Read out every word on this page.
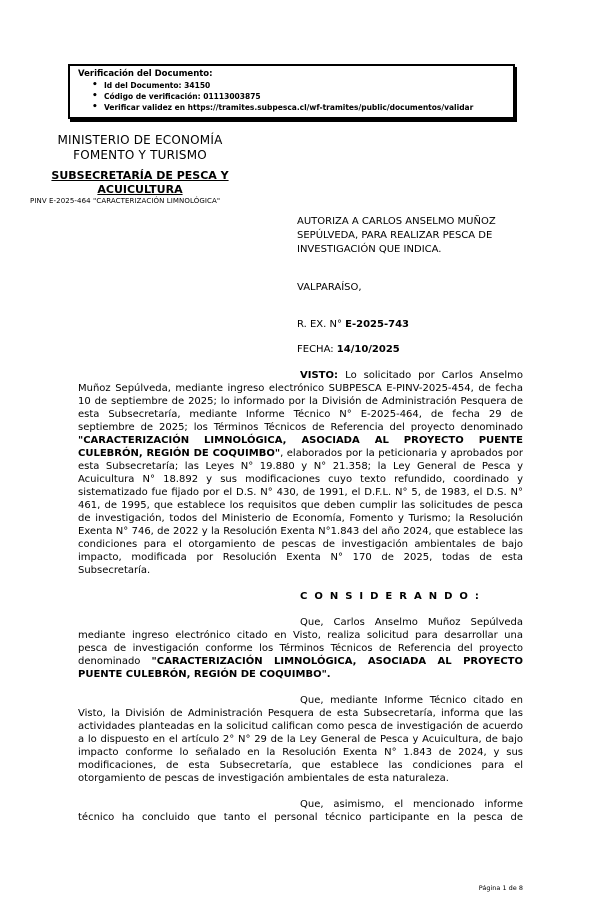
Verificación del Documento:
• Id del Documento: 34150
• Código de verificación: 01113003875
• Verificar validez en https://tramites.subpesca.cl/wf-tramites/public/documentos/validar
MINISTERIO DE ECONOMÍA
FOMENTO Y TURISMO
SUBSECRETARÍA DE PESCA Y
ACUICULTURA
PINV E-2025-464 "CARACTERIZACIÓN LIMNOLÓGICA"
AUTORIZA A CARLOS ANSELMO MUÑOZ SEPÚLVEDA, PARA REALIZAR PESCA DE INVESTIGACIÓN QUE INDICA.
VALPARAÍSO,
R. EX. N° E-2025-743
FECHA: 14/10/2025

VISTO: Lo solicitado por Carlos Anselmo Muñoz Sepúlveda, mediante ingreso electrónico SUBPESCA E-PINV-2025-454, de fecha 10 de septiembre de 2025; lo informado por la División de Administración Pesquera de esta Subsecretaría, mediante Informe Técnico N° E-2025-464, de fecha 29 de septiembre de 2025; los Términos Técnicos de Referencia del proyecto denominado "CARACTERIZACIÓN LIMNOLÓGICA, ASOCIADA AL PROYECTO PUENTE CULEBRÓN, REGIÓN DE COQUIMBO", elaborados por la peticionaria y aprobados por esta Subsecretaría; las Leyes N° 19.880 y N° 21.358; la Ley General de Pesca y Acuicultura N° 18.892 y sus modificaciones cuyo texto refundido, coordinado y sistematizado fue fijado por el D.S. N° 430, de 1991, el D.F.L. N° 5, de 1983, el D.S. N° 461, de 1995, que establece los requisitos que deben cumplir las solicitudes de pesca de investigación, todos del Ministerio de Economía, Fomento y Turismo; la Resolución Exenta N° 746, de 2022 y la Resolución Exenta N°1.843 del año 2024, que establece las condiciones para el otorgamiento de pescas de investigación ambientales de bajo impacto, modificada por Resolución Exenta N° 170 de 2025, todas de esta Subsecretaría.

CONSIDERANDO:

Que, Carlos Anselmo Muñoz Sepúlveda mediante ingreso electrónico citado en Visto, realiza solicitud para desarrollar una pesca de investigación conforme los Términos Técnicos de Referencia del proyecto denominado "CARACTERIZACIÓN LIMNOLÓGICA, ASOCIADA AL PROYECTO PUENTE CULEBRÓN, REGIÓN DE COQUIMBO".

Que, mediante Informe Técnico citado en Visto, la División de Administración Pesquera de esta Subsecretaría, informa que las actividades planteadas en la solicitud califican como pesca de investigación de acuerdo a lo dispuesto en el artículo 2° N° 29 de la Ley General de Pesca y Acuicultura, de bajo impacto conforme lo señalado en la Resolución Exenta N° 1.843 de 2024, y sus modificaciones, de esta Subsecretaría, que establece las condiciones para el otorgamiento de pescas de investigación ambientales de esta naturaleza.

Que, asimismo, el mencionado informe técnico ha concluido que tanto el personal técnico participante en la pesca de

Página 1 de 8
